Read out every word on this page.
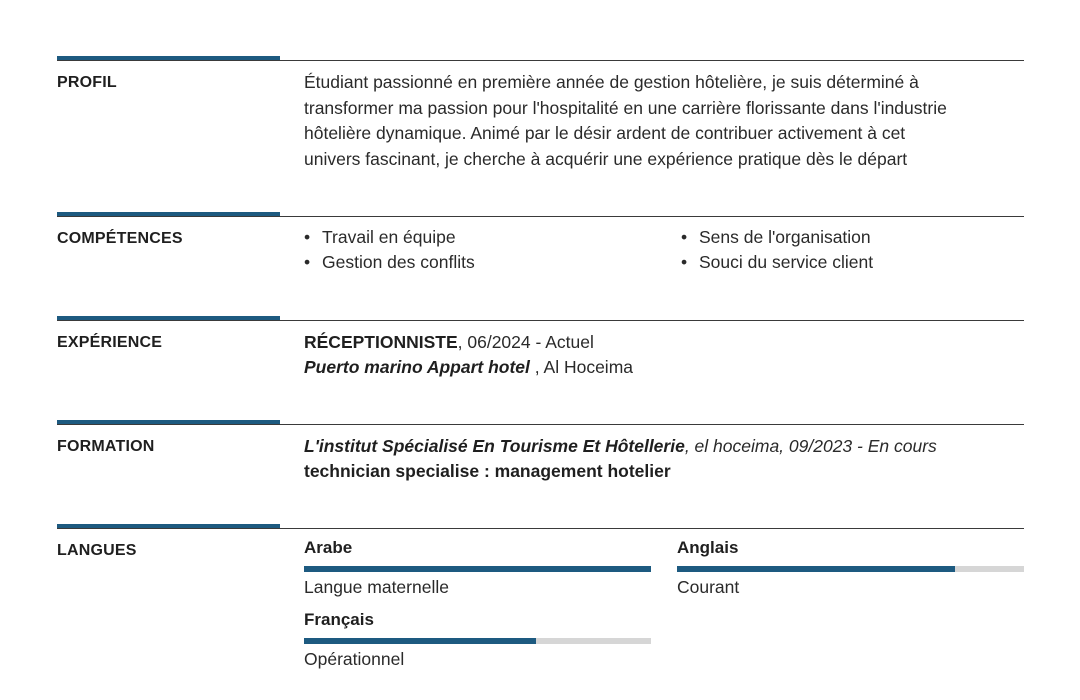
PROFIL	Étudiant passionné en première année de gestion hôtelière, je suis déterminé à
transformer ma passion pour l'hospitalité en une carrière florissante dans l'industrie
hôtelière dynamique. Animé par le désir ardent de contribuer activement à cet
univers fascinant, je cherche à acquérir une expérience pratique dès le départ
COMPÉTENCES	• Travail en équipe
• Gestion des conflits
• Sens de l'organisation
• Souci du service client
EXPÉRIENCE	RÉCEPTIONNISTE, 06/2024 - Actuel
Puerto marino Appart hotel , Al Hoceima
FORMATION	L'institut Spécialisé En Tourisme Et Hôtellerie, el hoceima, 09/2023 - En cours
technician specialise : management hotelier
LANGUES	Arabe
Langue maternelle
Anglais
Courant
Français
Opérationnel
